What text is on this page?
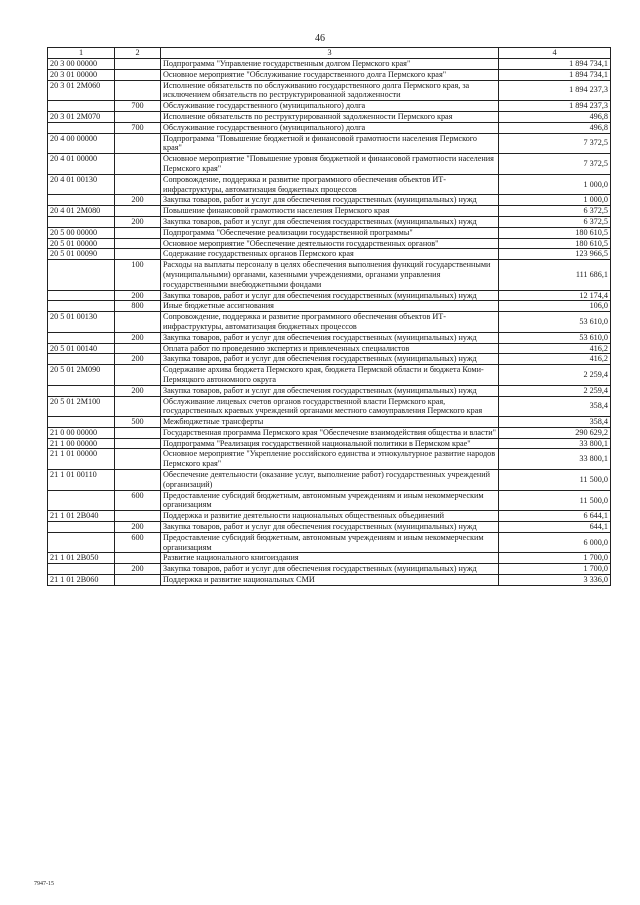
46
1	2	3	4
20 3 00 00000		Подпрограмма "Управление государственным долгом Пермского края"	1 894 734,1
20 3 01 00000		Основное мероприятие "Обслуживание государственного долга Пермского края"	1 894 734,1
20 3 01 2М060		Исполнение обязательств по обслуживанию государственного долга Пермского края, за исключением обязательств по реструктурированной задолженности	1 894 237,3
	700	Обслуживание государственного (муниципального) долга	1 894 237,3
20 3 01 2М070		Исполнение обязательств по реструктурированной задолженности Пермского края	496,8
	700	Обслуживание государственного (муниципального) долга	496,8
20 4 00 00000		Подпрограмма "Повышение бюджетной и финансовой грамотности населения Пермского края"	7 372,5
20 4 01 00000		Основное мероприятие "Повышение уровня бюджетной и финансовой грамотности населения Пермского края"	7 372,5
20 4 01 00130		Сопровождение, поддержка и развитие программного обеспечения объектов ИТ-инфраструктуры, автоматизация бюджетных процессов	1 000,0
	200	Закупка товаров, работ и услуг для обеспечения государственных (муниципальных) нужд	1 000,0
20 4 01 2М080		Повышение финансовой грамотности населения Пермского края	6 372,5
	200	Закупка товаров, работ и услуг для обеспечения государственных (муниципальных) нужд	6 372,5
20 5 00 00000		Подпрограмма "Обеспечение реализации государственной программы"	180 610,5
20 5 01 00000		Основное мероприятие "Обеспечение деятельности государственных органов"	180 610,5
20 5 01 00090		Содержание государственных органов Пермского края	123 966,5
	100	Расходы на выплаты персоналу в целях обеспечения выполнения функций государственными (муниципальными) органами, казенными учреждениями, органами управления государственными внебюджетными фондами	111 686,1
	200	Закупка товаров, работ и услуг для обеспечения государственных (муниципальных) нужд	12 174,4
	800	Иные бюджетные ассигнования	106,0
20 5 01 00130		Сопровождение, поддержка и развитие программного обеспечения объектов ИТ-инфраструктуры, автоматизация бюджетных процессов	53 610,0
	200	Закупка товаров, работ и услуг для обеспечения государственных (муниципальных) нужд	53 610,0
20 5 01 00140		Оплата работ по проведению экспертиз и привлеченных специалистов	416,2
	200	Закупка товаров, работ и услуг для обеспечения государственных (муниципальных) нужд	416,2
20 5 01 2М090		Содержание архива бюджета Пермского края, бюджета Пермской области и бюджета Коми-Пермяцкого автономного округа	2 259,4
	200	Закупка товаров, работ и услуг для обеспечения государственных (муниципальных) нужд	2 259,4
20 5 01 2М100		Обслуживание лицевых счетов органов государственной власти Пермского края, государственных краевых учреждений органами местного самоуправления Пермского края	358,4
	500	Межбюджетные трансферты	358,4
21 0 00 00000		Государственная программа Пермского края "Обеспечение взаимодействия общества и власти"	290 629,2
21 1 00 00000		Подпрограмма "Реализация государственной национальной политики в Пермском крае"	33 800,1
21 1 01 00000		Основное мероприятие "Укрепление российского единства и этнокультурное развитие народов Пермского края"	33 800,1
21 1 01 00110		Обеспечение деятельности (оказание услуг, выполнение работ) государственных учреждений (организаций)	11 500,0
	600	Предоставление субсидий бюджетным, автономным учреждениям и иным некоммерческим организациям	11 500,0
21 1 01 2В040		Поддержка и развитие деятельности национальных общественных объединений	6 644,1
	200	Закупка товаров, работ и услуг для обеспечения государственных (муниципальных) нужд	644,1
	600	Предоставление субсидий бюджетным, автономным учреждениям и иным некоммерческим организациям	6 000,0
21 1 01 2В050		Развитие национального книгоиздания	1 700,0
	200	Закупка товаров, работ и услуг для обеспечения государственных (муниципальных) нужд	1 700,0
21 1 01 2В060		Поддержка и развитие национальных СМИ	3 336,0
7947-15
